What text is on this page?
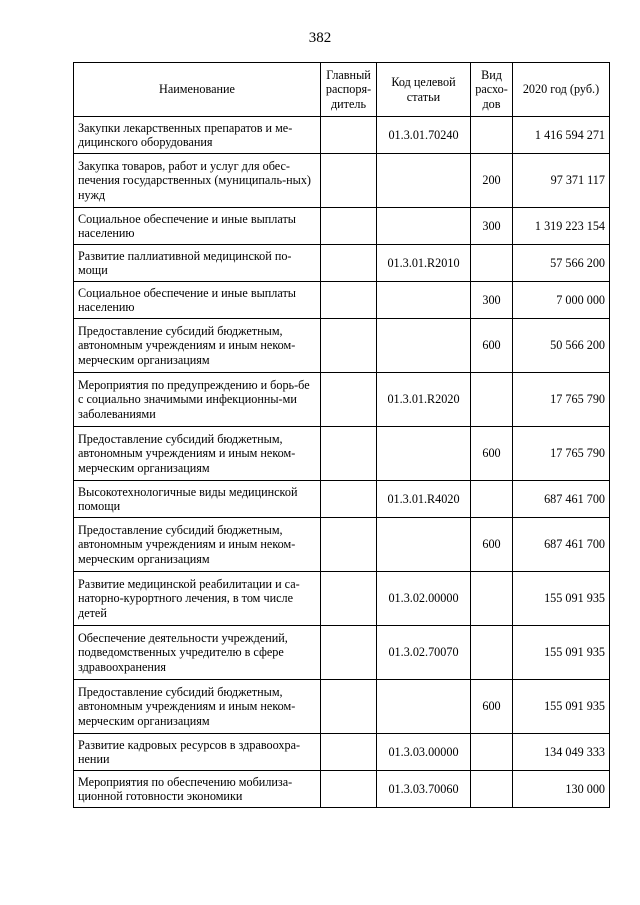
382
Наименование	Главный распоря-дитель	Код целевой статьи	Вид расхо-дов	2020 год (руб.)
Закупки лекарственных препаратов и ме-дицинского оборудования		01.3.01.70240		1 416 594 271
Закупка товаров, работ и услуг для обес-печения государственных (муниципаль-ных) нужд			200	97 371 117
Социальное обеспечение и иные выплаты населению			300	1 319 223 154
Развитие паллиативной медицинской по-мощи		01.3.01.R2010		57 566 200
Социальное обеспечение и иные выплаты населению			300	7 000 000
Предоставление субсидий бюджетным, автономным учреждениям и иным неком-мерческим организациям			600	50 566 200
Мероприятия по предупреждению и борь-бе с социально значимыми инфекционны-ми заболеваниями		01.3.01.R2020		17 765 790
Предоставление субсидий бюджетным, автономным учреждениям и иным неком-мерческим организациям			600	17 765 790
Высокотехнологичные виды медицинской помощи		01.3.01.R4020		687 461 700
Предоставление субсидий бюджетным, автономным учреждениям и иным неком-мерческим организациям			600	687 461 700
Развитие медицинской реабилитации и са-наторно-курортного лечения, в том числе детей		01.3.02.00000		155 091 935
Обеспечение деятельности учреждений, подведомственных учредителю в сфере здравоохранения		01.3.02.70070		155 091 935
Предоставление субсидий бюджетным, автономным учреждениям и иным неком-мерческим организациям			600	155 091 935
Развитие кадровых ресурсов в здравоохра-нении		01.3.03.00000		134 049 333
Мероприятия по обеспечению мобилиза-ционной готовности экономики		01.3.03.70060		130 000
